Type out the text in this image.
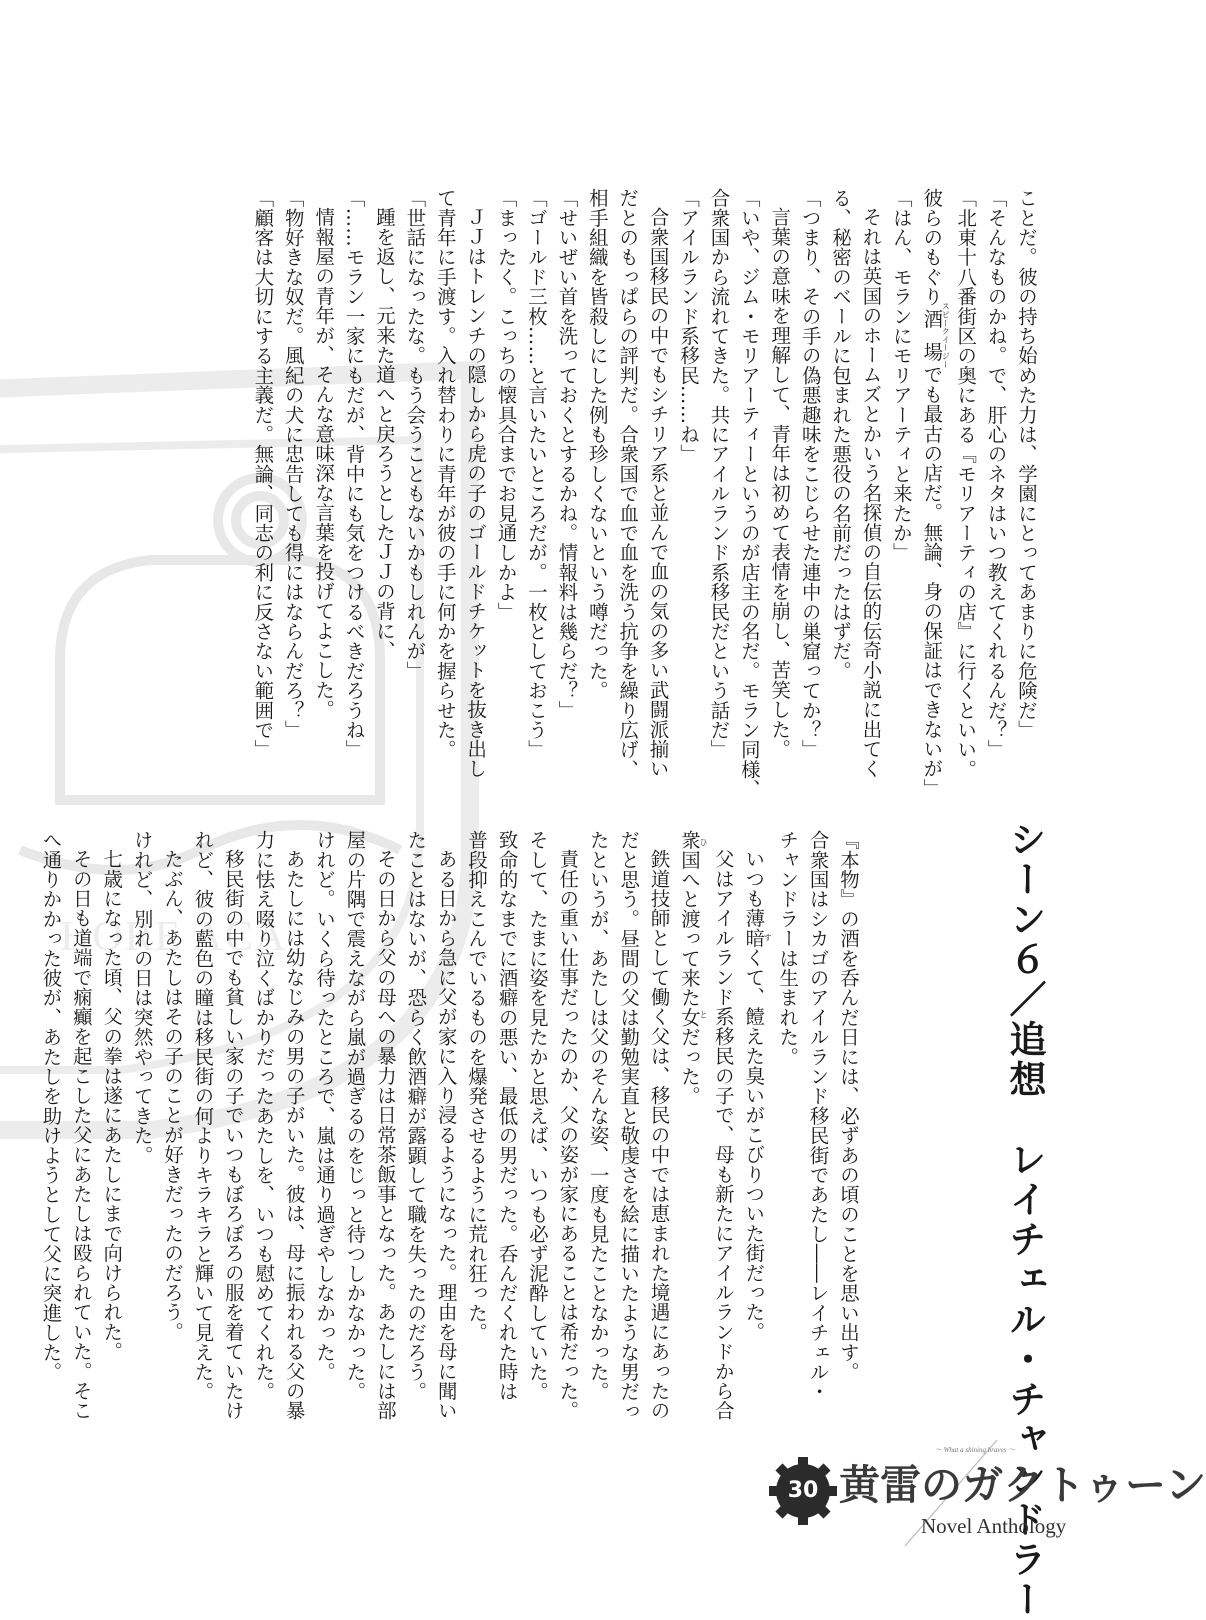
HORE ACA
ことだ。彼の持ち始めた力は、学園にとってあまりに危険だ」
「そんなものかね。で、肝心のネタはいつ教えてくれるんだ？」
「北東十八番街区の奥にある『モリアーティの店』に行くといい。
彼らのもぐり酒場スピークイージーでも最古の店だ。無論、身の保証はできないが」
「はん、モランにモリアーティと来たか」
それは英国のホームズとかいう名探偵の自伝的伝奇小説に出てく
る、秘密のベールに包まれた悪役の名前だったはずだ。
「つまり、その手の偽悪趣味をこじらせた連中の巣窟ってか？」
言葉の意味を理解して、青年は初めて表情を崩し、苦笑した。
「いや、ジム・モリアーティーというのが店主の名だ。モラン同様、
合衆国から流れてきた。共にアイルランド系移民だという話だ」
「アイルランド系移民……ね」
合衆国移民の中でもシチリア系と並んで血の気の多い武闘派揃い
だとのもっぱらの評判だ。合衆国で血で血を洗う抗争を繰り広げ、
相手組織を皆殺しにした例も珍しくないという噂だった。
「せいぜい首を洗っておくとするかね。情報料は幾らだ？」
「ゴールド三枚……と言いたいところだが。一枚としておこう」
「まったく。こっちの懐具合までお見通しかよ」
ＪＪはトレンチの隠しから虎の子のゴールドチケットを抜き出し
て青年に手渡す。入れ替わりに青年が彼の手に何かを握らせた。
「世話になったな。もう会うこともないかもしれんが」
踵を返し、元来た道へと戻ろうとしたＪＪの背に、
「……モラン一家にもだが、背中にも気をつけるべきだろうね」
情報屋の青年が、そんな意味深な言葉を投げてよこした。
「物好きな奴だ。風紀の犬に忠告しても得にはならんだろ？」
「顧客は大切にする主義だ。無論、同志の利に反さない範囲で」
シーン６／追想　レイチェル・チャンドラー
『本物』の酒を呑んだ日には、必ずあの頃のことを思い出す。
合衆国はシカゴのアイルランド移民街であたし――レイチェル・
チャンドラーは生まれた。
いつも薄暗くて、饐すえた臭いがこびりついた街だった。
父はアイルランド系移民の子で、母も新たにアイルランドから合
衆国へと渡って来た女ひとだった。
鉄道技師として働く父は、移民の中では恵まれた境遇にあったの
だと思う。昼間の父は勤勉実直と敬虔さを絵に描いたような男だっ
たというが、あたしは父のそんな姿、一度も見たことなかった。
責任の重い仕事だったのか、父の姿が家にあることは希だった。
そして、たまに姿を見たかと思えば、いつも必ず泥酔していた。
致命的なまでに酒癖の悪い、最低の男だった。呑んだくれた時は
普段抑えこんでいるものを爆発させるように荒れ狂った。
ある日から急に父が家に入り浸るようになった。理由を母に聞い
たことはないが、恐らく飲酒癖が露顕して職を失ったのだろう。
その日から父の母への暴力は日常茶飯事となった。あたしには部
屋の片隅で震えながら嵐が過ぎるのをじっと待つしかなかった。
けれど。いくら待ったところで、嵐は通り過ぎやしなかった。
あたしには幼なじみの男の子がいた。彼は、母に振われる父の暴
力に怯え啜り泣くばかりだったあたしを、いつも慰めてくれた。
移民街の中でも貧しい家の子でいつもぼろぼろの服を着ていたけ
れど、彼の藍色の瞳は移民街の何よりキラキラと輝いて見えた。
たぶん、あたしはその子のことが好きだったのだろう。
けれど、別れの日は突然やってきた。
七歳になった頃、父の拳は遂にあたしにまで向けられた。
その日も道端で痫癲を起こした父にあたしは殴られていた。そこ
へ通りかかった彼が、あたしを助けようとして父に突進した。
30
～ What a shining braves ～
黄雷のガクトゥーン
Novel Anthology
